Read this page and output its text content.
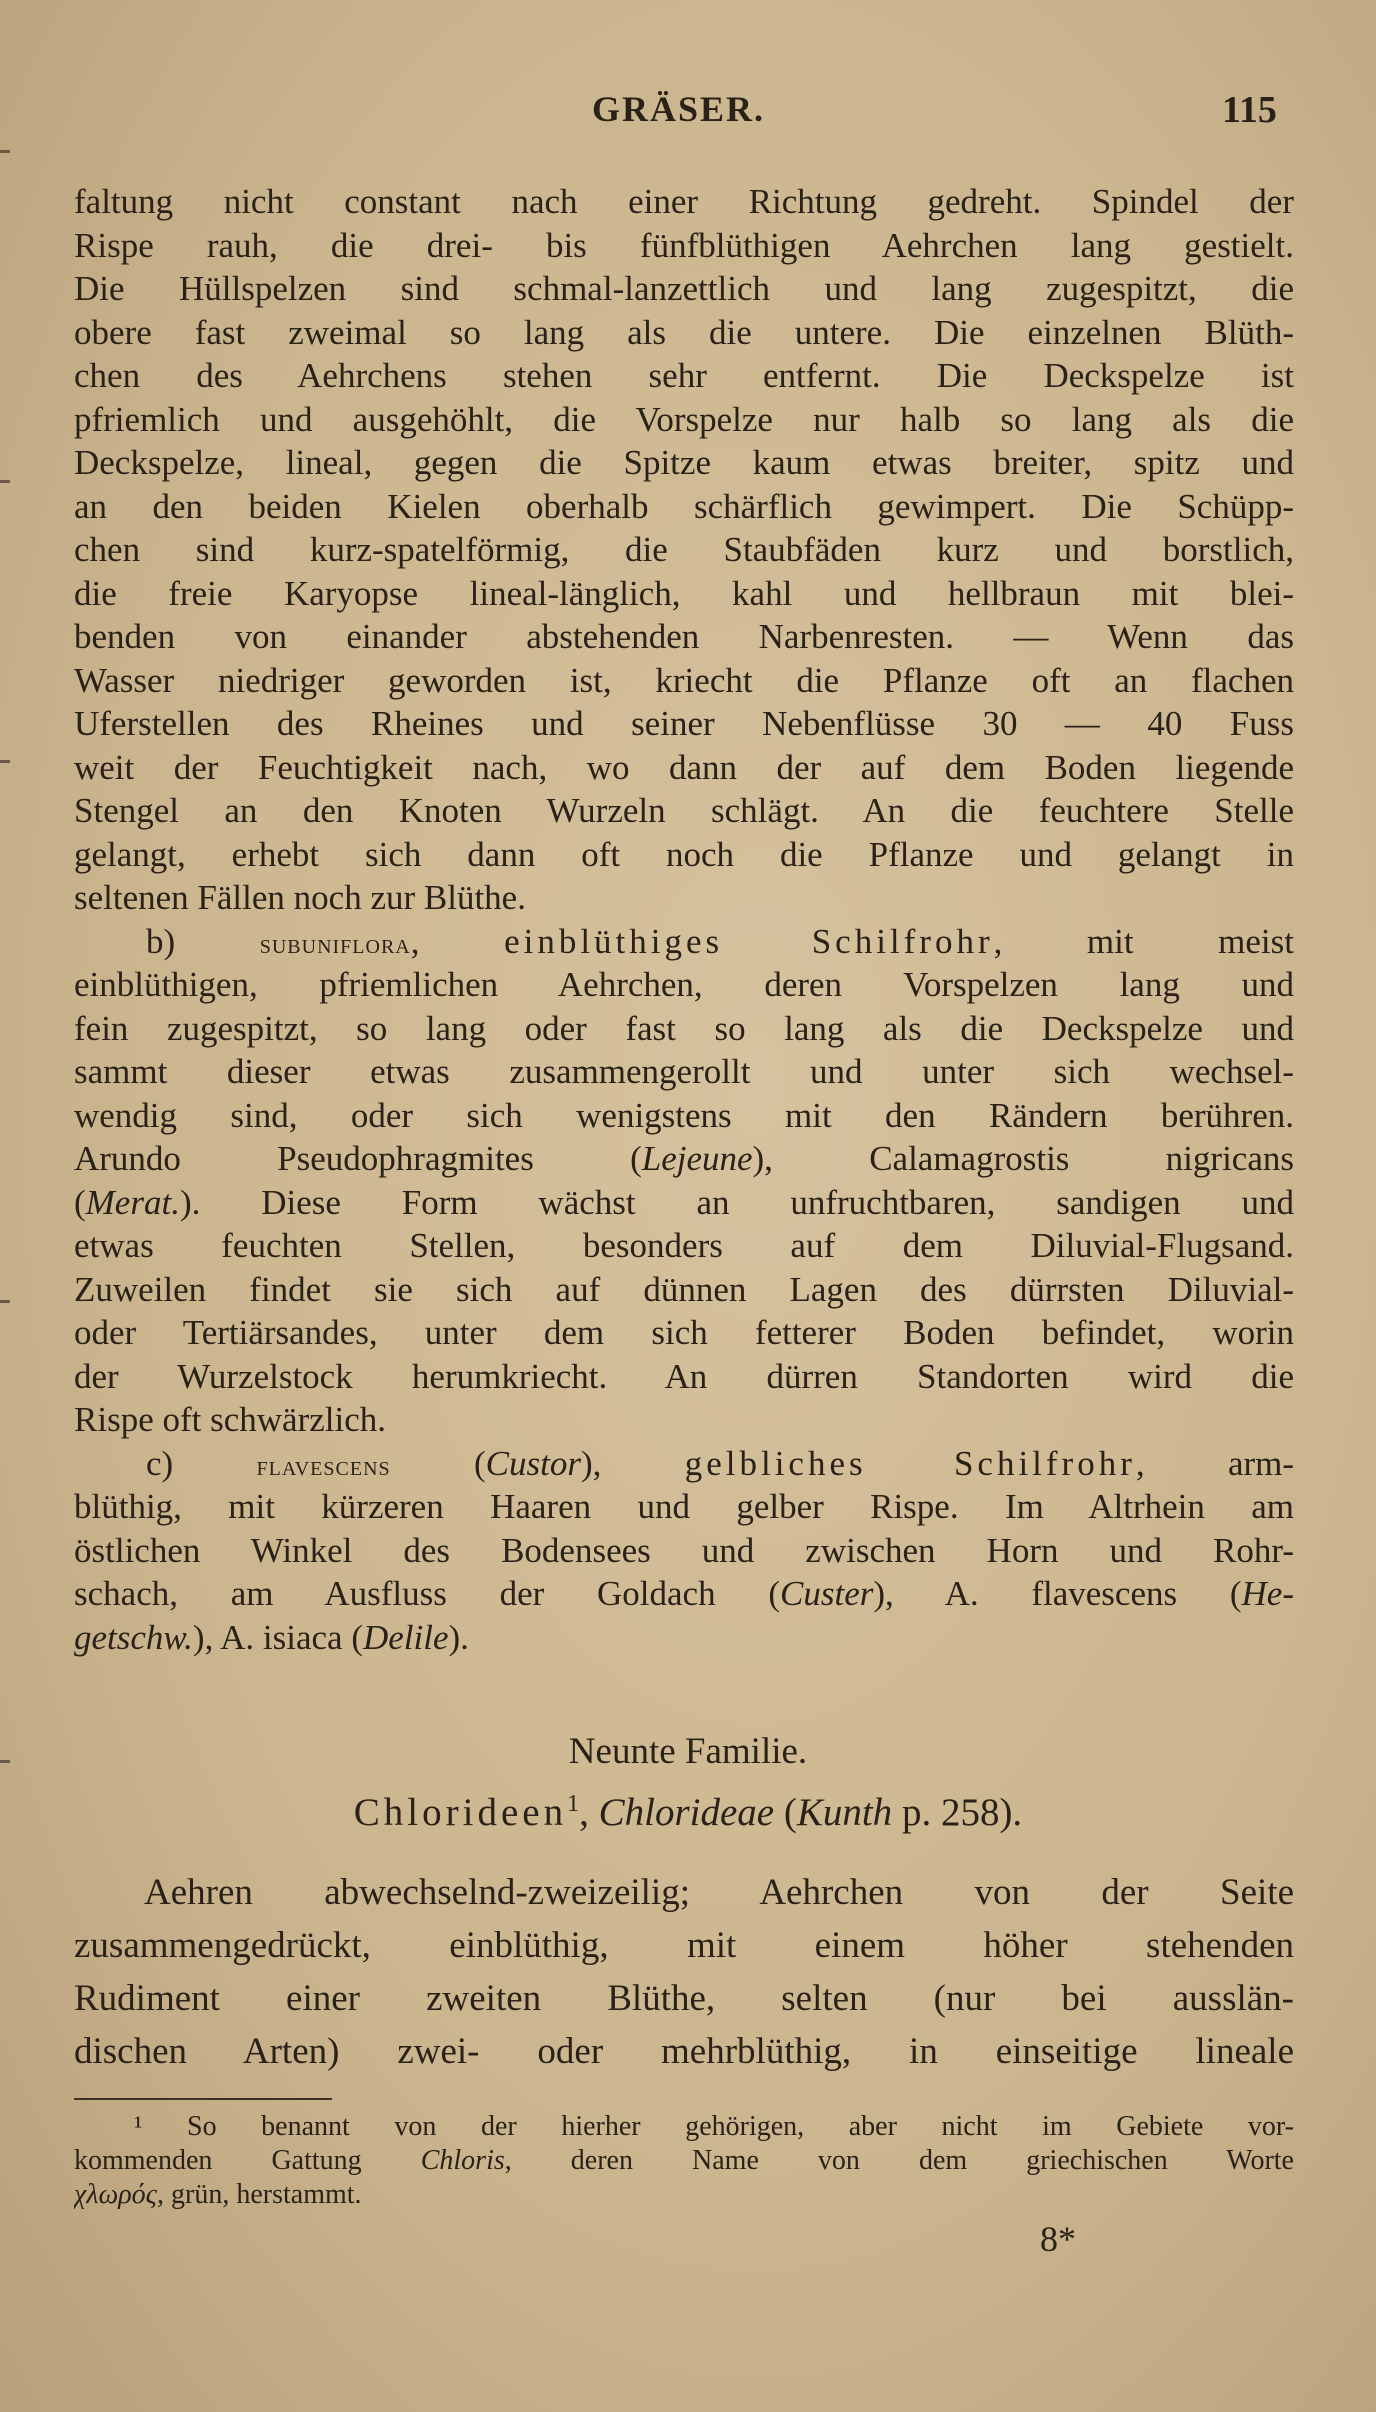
GRÄSER.	115
faltung nicht constant nach einer Richtung gedreht. Spindel der
Rispe rauh, die drei- bis fünfblüthigen Aehrchen lang gestielt.
Die Hüllspelzen sind schmal-lanzettlich und lang zugespitzt, die
obere fast zweimal so lang als die untere. Die einzelnen Blüth-
chen des Aehrchens stehen sehr entfernt. Die Deckspelze ist
pfriemlich und ausgehöhlt, die Vorspelze nur halb so lang als die
Deckspelze, lineal, gegen die Spitze kaum etwas breiter, spitz und
an den beiden Kielen oberhalb schärflich gewimpert. Die Schüpp-
chen sind kurz-spatelförmig, die Staubfäden kurz und borstlich,
die freie Karyopse lineal-länglich, kahl und hellbraun mit blei-
benden von einander abstehenden Narbenresten. — Wenn das
Wasser niedriger geworden ist, kriecht die Pflanze oft an flachen
Uferstellen des Rheines und seiner Nebenflüsse 30 — 40 Fuss
weit der Feuchtigkeit nach, wo dann der auf dem Boden liegende
Stengel an den Knoten Wurzeln schlägt. An die feuchtere Stelle
gelangt, erhebt sich dann oft noch die Pflanze und gelangt in
seltenen Fällen noch zur Blüthe.
b) subuniflora, einblüthiges Schilfrohr, mit meist
einblüthigen, pfriemlichen Aehrchen, deren Vorspelzen lang und
fein zugespitzt, so lang oder fast so lang als die Deckspelze und
sammt dieser etwas zusammengerollt und unter sich wechsel-
wendig sind, oder sich wenigstens mit den Rändern berühren.
Arundo Pseudophragmites (Lejeune), Calamagrostis nigricans
(Merat.). Diese Form wächst an unfruchtbaren, sandigen und
etwas feuchten Stellen, besonders auf dem Diluvial-Flugsand.
Zuweilen findet sie sich auf dünnen Lagen des dürrsten Diluvial-
oder Tertiärsandes, unter dem sich fetterer Boden befindet, worin
der Wurzelstock herumkriecht. An dürren Standorten wird die
Rispe oft schwärzlich.
c) flavescens (Custor), gelbliches Schilfrohr, arm-
blüthig, mit kürzeren Haaren und gelber Rispe. Im Altrhein am
östlichen Winkel des Bodensees und zwischen Horn und Rohr-
schach, am Ausfluss der Goldach (Custer), A. flavescens (He-
getschw.), A. isiaca (Delile).
Neunte Familie.
Chlorideen$^1$, Chlorideae (Kunth p. 258).
Aehren abwechselnd-zweizeilig; Aehrchen von der Seite
zusammengedrückt, einblüthig, mit einem höher stehenden
Rudiment einer zweiten Blüthe, selten (nur bei ausslän-
dischen Arten) zwei- oder mehrblüthig, in einseitige lineale
¹ So benannt von der hierher gehörigen, aber nicht im Gebiete vor-
kommenden Gattung Chloris, deren Name von dem griechischen Worte
χλωρός, grün, herstammt.
8*
